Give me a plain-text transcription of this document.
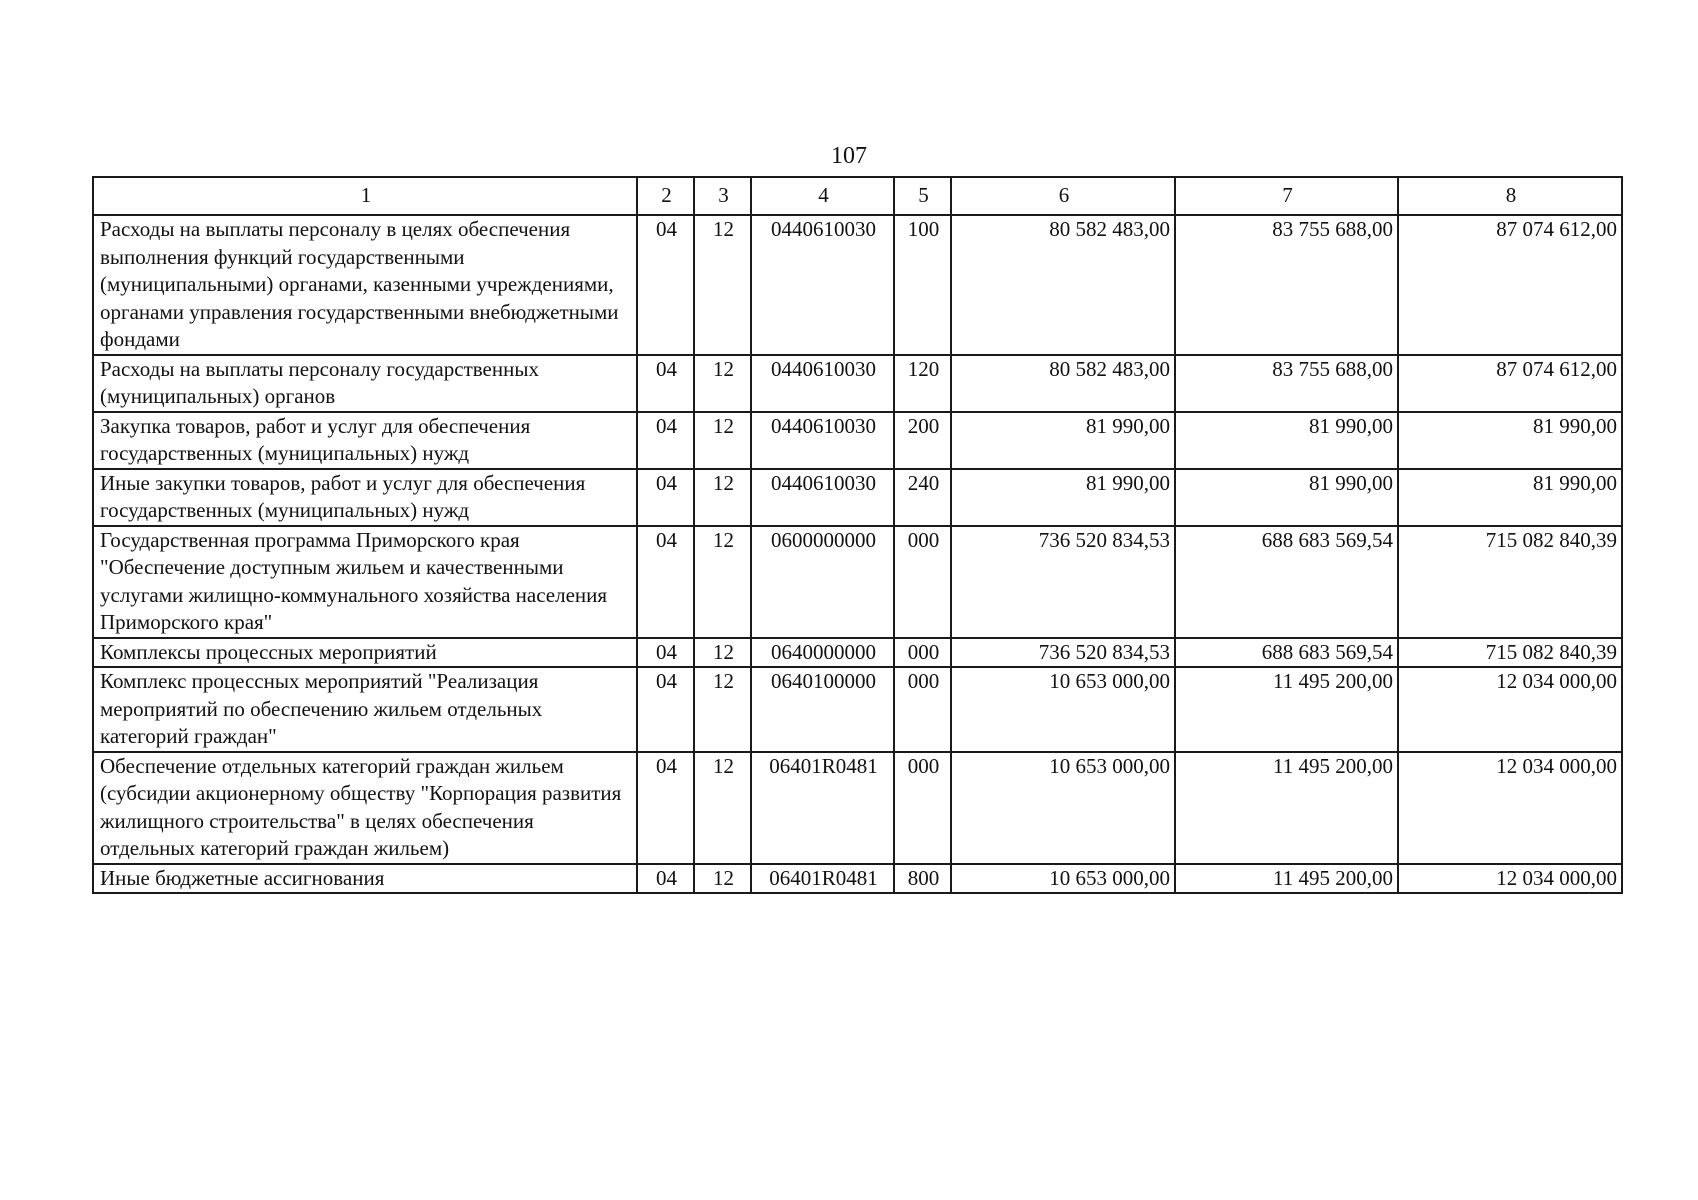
107
1	2	3	4	5	6	7	8
Расходы на выплаты персоналу в целях обеспечения выполнения функций государственными (муниципальными) органами, казенными учреждениями, органами управления государственными внебюджетными фондами	04	12	0440610030	100	80 582 483,00	83 755 688,00	87 074 612,00
Расходы на выплаты персоналу государственных (муниципальных) органов	04	12	0440610030	120	80 582 483,00	83 755 688,00	87 074 612,00
Закупка товаров, работ и услуг для обеспечения государственных (муниципальных) нужд	04	12	0440610030	200	81 990,00	81 990,00	81 990,00
Иные закупки товаров, работ и услуг для обеспечения государственных (муниципальных) нужд	04	12	0440610030	240	81 990,00	81 990,00	81 990,00
Государственная программа Приморского края "Обеспечение доступным жильем и качественными услугами жилищно-коммунального хозяйства населения Приморского края"	04	12	0600000000	000	736 520 834,53	688 683 569,54	715 082 840,39
Комплексы процессных мероприятий	04	12	0640000000	000	736 520 834,53	688 683 569,54	715 082 840,39
Комплекс процессных мероприятий "Реализация мероприятий по обеспечению жильем отдельных категорий граждан"	04	12	0640100000	000	10 653 000,00	11 495 200,00	12 034 000,00
Обеспечение отдельных категорий граждан жильем (субсидии акционерному обществу "Корпорация развития жилищного строительства" в целях обеспечения отдельных категорий граждан жильем)	04	12	06401R0481	000	10 653 000,00	11 495 200,00	12 034 000,00
Иные бюджетные ассигнования	04	12	06401R0481	800	10 653 000,00	11 495 200,00	12 034 000,00
